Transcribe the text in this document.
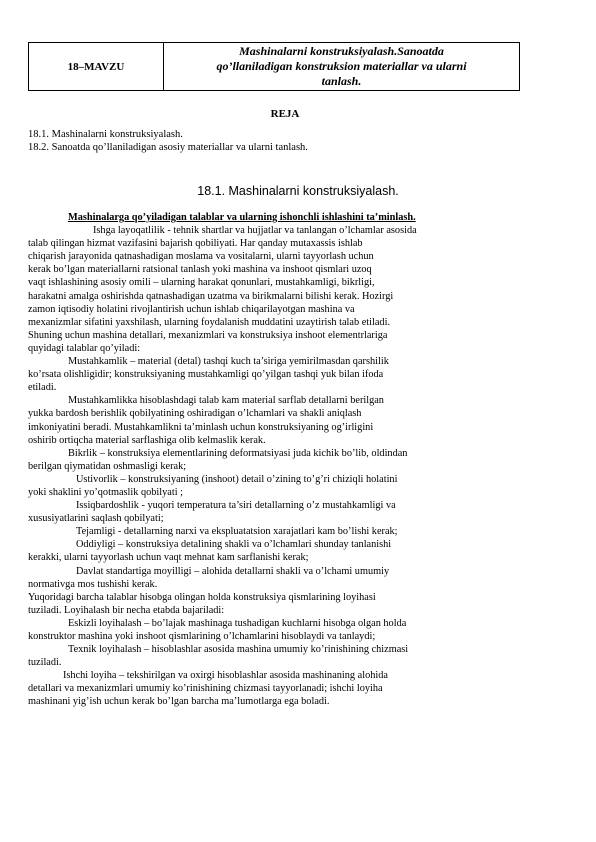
18–MAVZU	
Mashinalarni konstruksiyalash.Sanoatda
qo’llaniladigan konstruksion materiallar va ularni
tanlash.
REJA
18.1. Mashinalarni konstruksiyalash.
18.2. Sanoatda qo’llaniladigan asosiy materiallar va ularni tanlash.
18.1. Mashinalarni konstruksiyalash.
Mashinalarga qo’yiladigan talablar va ularning ishonchli ishlashini ta’minlash.
Ishga layoqatlilik - tehnik shartlar va hujjatlar va tanlangan o’lchamlar asosida
talab qilingan hizmat vazifasini bajarish qobiliyati. Har qanday mutaxassis ishlab
chiqarish jarayonida qatnashadigan moslama va vositalarni, ularni tayyorlash uchun
kerak bo’lgan materiallarni ratsional tanlash yoki mashina va inshoot qismlari uzoq
vaqt ishlashining asosiy omili – ularning harakat qonunlari, mustahkamligi, bikrligi,
harakatni amalga oshirishda qatnashadigan uzatma va birikmalarni bilishi kerak. Hozirgi
zamon iqtisodiy holatini rivojlantirish uchun ishlab chiqarilayotgan mashina va
mexanizmlar sifatini yaxshilash, ularning foydalanish muddatini uzaytirish talab etiladi.
Shuning uchun mashina detallari, mexanizmlari va konstruksiya inshoot elementrlariga
quyidagi talablar qo’yiladi:
Mustahkamlik – material (detal) tashqi kuch ta’siriga yemirilmasdan qarshilik
ko’rsata olishligidir; konstruksiyaning mustahkamligi qo’yilgan tashqi yuk bilan ifoda
etiladi.
Mustahkamlikka hisoblashdagi talab kam material sarflab detallarni berilgan
yukka bardosh berishlik qobilyatining oshiradigan o’lchamlari va shakli aniqlash
imkoniyatini beradi. Mustahkamlikni ta’minlash uchun konstruksiyaning og’irligini
oshirib ortiqcha material sarflashiga olib kelmaslik kerak.
Bikrlik – konstruksiya elementlarining deformatsiyasi juda kichik bo’lib, oldindan
berilgan qiymatidan oshmasligi kerak;
Ustivorlik – konstruksiyaning (inshoot) detail o’zining to’g’ri chiziqli holatini
yoki shaklini yo’qotmaslik qobilyati ;
Issiqbardoshlik - yuqori temperatura ta’siri detallarning o’z mustahkamligi va
xususiyatlarini saqlash qobilyati;
Tejamligi - detallarning narxi va ekspluatatsion xarajatlari kam bo’lishi kerak;
Oddiyligi – konstruksiya detalining shakli va o’lchamlari shunday tanlanishi
kerakki, ularni tayyorlash uchun vaqt mehnat kam sarflanishi kerak;
Davlat standartiga moyilligi – alohida detallarni shakli va o’lchami umumiy
normativga mos tushishi kerak.
Yuqoridagi barcha talablar hisobga olingan holda konstruksiya qismlarining loyihasi
tuziladi. Loyihalash bir necha etabda bajariladi:
Eskizli loyihalash – bo’lajak mashinaga tushadigan kuchlarni hisobga olgan holda
konstruktor mashina yoki inshoot qismlarining o’lchamlarini hisoblaydi va tanlaydi;
Texnik loyihalash – hisoblashlar asosida mashina umumiy ko’rinishining chizmasi
tuziladi.
Ishchi loyiha – tekshirilgan va oxirgi hisoblashlar asosida mashinaning alohida
detallari va mexanizmlari umumiy ko’rinishining chizmasi tayyorlanadi; ishchi loyiha
mashinani yig’ish uchun kerak bo’lgan barcha ma’lumotlarga ega boladi.
